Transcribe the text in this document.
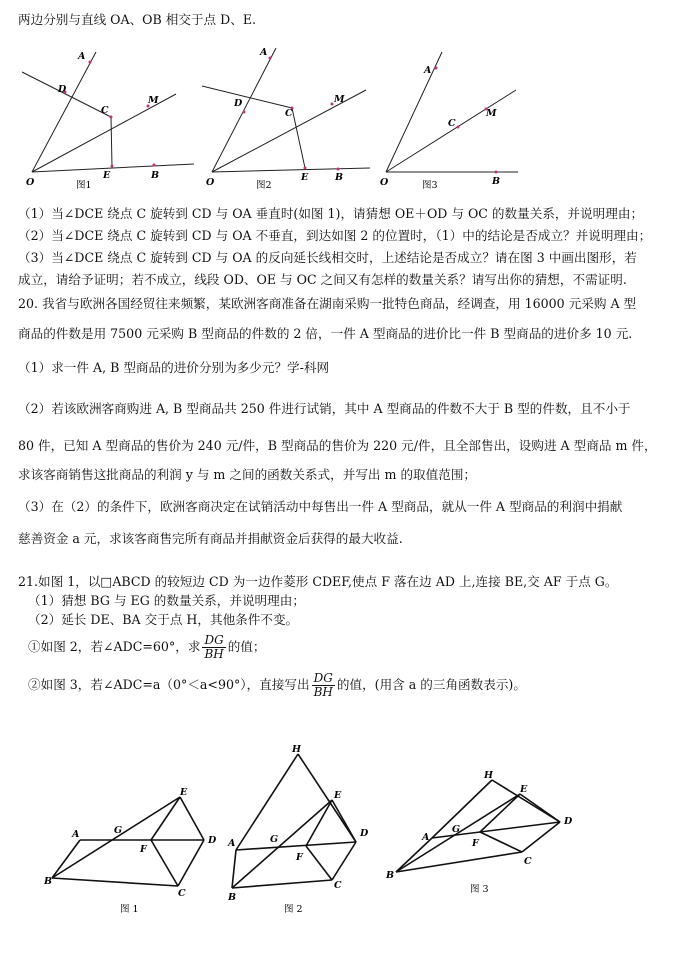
两边分别与直线 OA、OB 相交于点 D、E.
A
D
C
M
O
E	B
图1
A
D
C
M
O	E	B
图2
A
C
M
O	B
图3
（1）当∠DCE 绕点 C 旋转到 CD 与 OA 垂直时(如图 1)，请猜想 OE＋OD 与 OC 的数量关系，并说明理由；
（2）当∠DCE 绕点 C 旋转到 CD 与 OA 不垂直，到达如图 2 的位置时，（1）中的结论是否成立？并说明理由；
（3）当∠DCE 绕点 C 旋转到 CD 与 OA 的反向延长线相交时，上述结论是否成立？请在图 3 中画出图形，若
成立，请给予证明；若不成立，线段 OD、OE 与 OC 之间又有怎样的数量关系？请写出你的猜想，不需证明.
20. 我省与欧洲各国经贸往来频繁，某欧洲客商准备在湖南采购一批特色商品，经调查，用 16000 元采购 A 型
商品的件数是用 7500 元采购 B 型商品的件数的 2 倍，一件 A 型商品的进价比一件 B 型商品的进价多 10 元.
（1）求一件 A, B 型商品的进价分别为多少元？学-科网
（2）若该欧洲客商购进 A, B 型商品共 250 件进行试销，其中 A 型商品的件数不大于 B 型的件数，且不小于
80 件，已知 A 型商品的售价为 240 元/件，B 型商品的售价为 220 元/件，且全部售出，设购进 A 型商品 m 件，
求该客商销售这批商品的利润 y 与 m 之间的函数关系式，并写出 m 的取值范围；
（3）在（2）的条件下，欧洲客商决定在试销活动中每售出一件 A 型商品，就从一件 A 型商品的利润中捐献
慈善资金 a 元，求该客商售完所有商品并捐献资金后获得的最大收益.
21.如图 1，以□ABCD 的较短边 CD 为一边作菱形 CDEF,使点 F 落在边 AD 上,连接 BE,交 AF 于点 G。
（1）猜想 BG 与 EG 的数量关系，并说明理由；
（2）延长 DE、BA 交于点 H，其他条件不变。
①如图 2，若∠ADC=60°，求 $\frac{DG}{BH}$ 的值；
②如图 3，若∠ADC=a（0°＜a<90°），直接写出 $\frac{DG}{BH}$ 的值，(用含 a 的三角函数表示)。
A	G
E
F
D
B
C
图 1
H
E
D
A	G
F
B
C
图 2
H
E
D
A
G
F
B
C
图 3
